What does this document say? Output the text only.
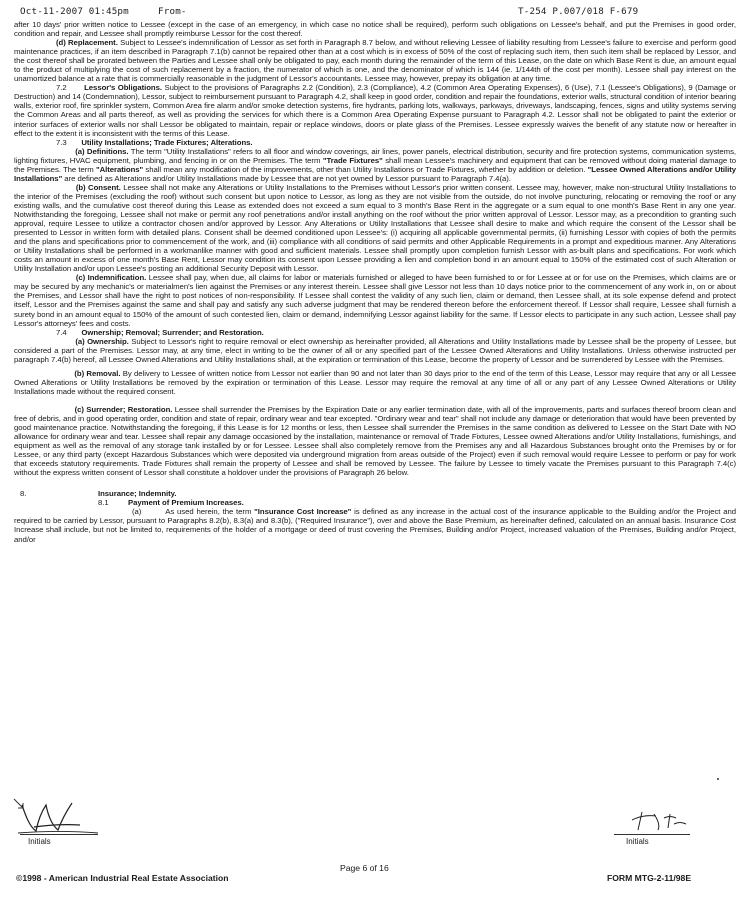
Oct-11-2007 01:45pm	From-	T-254 P.007/018 F-679

after 10 days' prior written notice to Lessee (except in the case of an emergency, in which case no notice shall be required), perform such obligations on Lessee's behalf, and put the Premises in good order, condition and repair, and Lessee shall promptly reimburse Lessor for the cost thereof.

(d) Replacement. Subject to Lessee's indemnification of Lessor as set forth in Paragraph 8.7 below, and without relieving Lessee of liability resulting from Lessee's failure to exercise and perform good maintenance practices, if an item described in Paragraph 7.1(b) cannot be repaired other than at a cost which is in excess of 50% of the cost of replacing such item, then such item shall be replaced by Lessor, and the cost thereof shall be prorated between the Parties and Lessee shall only be obligated to pay, each month during the remainder of the term of this Lease, on the date on which Base Rent is due, an amount equal to the product of multiplying the cost of such replacement by a fraction, the numerator of which is one, and the denominator of which is 144 (ie. 1/144th of the cost per month). Lessee shall pay interest on the unamortized balance at a rate that is commercially reasonable in the judgment of Lessor's accountants. Lessee may, however, prepay its obligation at any time.

7.2 Lessor's Obligations. Subject to the provisions of Paragraphs 2.2 (Condition), 2.3 (Compliance), 4.2 (Common Area Operating Expenses), 6 (Use), 7.1 (Lessee's Obligations), 9 (Damage or Destruction) and 14 (Condemnation), Lessor, subject to reimbursement pursuant to Paragraph 4.2, shall keep in good order, condition and repair the foundations, exterior walls, structural condition of interior bearing walls, exterior roof, fire sprinkler system, Common Area fire alarm and/or smoke detection systems, fire hydrants, parking lots, walkways, parkways, driveways, landscaping, fences, signs and utility systems serving the Common Areas and all parts thereof, as well as providing the services for which there is a Common Area Operating Expense pursuant to Paragraph 4.2. Lessor shall not be obligated to paint the exterior or interior surfaces of exterior walls nor shall Lessor be obligated to maintain, repair or replace windows, doors or plate glass of the Premises. Lessee expressly waives the benefit of any statute now or hereafter in effect to the extent it is inconsistent with the terms of this Lease.

7.3 Utility Installations; Trade Fixtures; Alterations.

(a) Definitions. The term "Utility Installations" refers to all floor and window coverings, air lines, power panels, electrical distribution, security and fire protection systems, communication systems, lighting fixtures, HVAC equipment, plumbing, and fencing in or on the Premises. The term "Trade Fixtures" shall mean Lessee's machinery and equipment that can be removed without doing material damage to the Premises. The term "Alterations" shall mean any modification of the improvements, other than Utility Installations or Trade Fixtures, whether by addition or deletion. "Lessee Owned Alterations and/or Utility Installations" are defined as Alterations and/or Utility Installations made by Lessee that are not yet owned by Lessor pursuant to Paragraph 7.4(a).

(b) Consent. Lessee shall not make any Alterations or Utility Installations to the Premises without Lessor's prior written consent. Lessee may, however, make non-structural Utility Installations to the interior of the Premises (excluding the roof) without such consent but upon notice to Lessor, as long as they are not visible from the outside, do not involve puncturing, relocating or removing the roof or any existing walls, and the cumulative cost thereof during this Lease as extended does not exceed a sum equal to 3 month's Base Rent in the aggregate or a sum equal to one month's Base Rent in any one year. Notwithstanding the foregoing, Lessee shall not make or permit any roof penetrations and/or install anything on the roof without the prior written approval of Lessor. Lessor may, as a precondition to granting such approval, require Lessee to utilize a contractor chosen and/or approved by Lessor. Any Alterations or Utility Installations that Lessee shall desire to make and which require the consent of the Lessor shall be presented to Lessor in written form with detailed plans. Consent shall be deemed conditioned upon Lessee's: (i) acquiring all applicable governmental permits, (ii) furnishing Lessor with copies of both the permits and the plans and specifications prior to commencement of the work, and (iii) compliance with all conditions of said permits and other Applicable Requirements in a prompt and expeditious manner. Any Alterations or Utility Installations shall be performed in a workmanlike manner with good and sufficient materials. Lessee shall promptly upon completion furnish Lessor with as-built plans and specifications. For work which costs an amount in excess of one month's Base Rent, Lessor may condition its consent upon Lessee providing a lien and completion bond in an amount equal to 150% of the estimated cost of such Alteration or Utility Installation and/or upon Lessee's posting an additional Security Deposit with Lessor.

(c) Indemnification. Lessee shall pay, when due, all claims for labor or materials furnished or alleged to have been furnished to or for Lessee at or for use on the Premises, which claims are or may be secured by any mechanic's or materialmen's lien against the Premises or any interest therein. Lessee shall give Lessor not less than 10 days notice prior to the commencement of any work in, on or about the Premises, and Lessor shall have the right to post notices of non-responsibility. If Lessee shall contest the validity of any such lien, claim or demand, then Lessee shall, at its sole expense defend and protect itself, Lessor and the Premises against the same and shall pay and satisfy any such adverse judgment that may be rendered thereon before the enforcement thereof. If Lessor shall require, Lessee shall furnish a surety bond in an amount equal to 150% of the amount of such contested lien, claim or demand, indemnifying Lessor against liability for the same. If Lessor elects to participate in any such action, Lessee shall pay Lessor's attorneys' fees and costs.

7.4 Ownership; Removal; Surrender; and Restoration.

(a) Ownership. Subject to Lessor's right to require removal or elect ownership as hereinafter provided, all Alterations and Utility Installations made by Lessee shall be the property of Lessee, but considered a part of the Premises. Lessor may, at any time, elect in writing to be the owner of all or any specified part of the Lessee Owned Alterations and Utility Installations. Unless otherwise instructed per paragraph 7.4(b) hereof, all Lessee Owned Alterations and Utility Installations shall, at the expiration or termination of this Lease, become the property of Lessor and be surrendered by Lessee with the Premises.

(b) Removal. By delivery to Lessee of written notice from Lessor not earlier than 90 and not later than 30 days prior to the end of the term of this Lease, Lessor may require that any or all Lessee Owned Alterations or Utility Installations be removed by the expiration or termination of this Lease. Lessor may require the removal at any time of all or any part of any Lessee Owned Alterations or Utility Installations made without the required consent.

(c) Surrender; Restoration. Lessee shall surrender the Premises by the Expiration Date or any earlier termination date, with all of the improvements, parts and surfaces thereof broom clean and free of debris, and in good operating order, condition and state of repair, ordinary wear and tear excepted. "Ordinary wear and tear" shall not include any damage or deterioration that would have been prevented by good maintenance practice. Notwithstanding the foregoing, if this Lease is for 12 months or less, then Lessee shall surrender the Premises in the same condition as delivered to Lessee on the Start Date with NO allowance for ordinary wear and tear. Lessee shall repair any damage occasioned by the installation, maintenance or removal of Trade Fixtures, Lessee owned Alterations and/or Utility Installations, furnishings, and equipment as well as the removal of any storage tank installed by or for Lessee. Lessee shall also completely remove from the Premises any and all Hazardous Substances brought onto the Premises by or for Lessee, or any third party (except Hazardous Substances which were deposited via underground migration from areas outside of the Project) even if such removal would require Lessee to perform or pay for work that exceeds statutory requirements. Trade Fixtures shall remain the property of Lessee and shall be removed by Lessee. The failure by Lessee to timely vacate the Premises pursuant to this Paragraph 7.4(c) without the express written consent of Lessor shall constitute a holdover under the provisions of Paragraph 26 below.

8.	Insurance; Indemnity.

8.1	Payment of Premium Increases.

(a)	As used herein, the term "Insurance Cost Increase" is defined as any increase in the actual cost of the insurance applicable to the Building and/or the Project and required to be carried by Lessor, pursuant to Paragraphs 8.2(b), 8.3(a) and 8.3(b), ("Required Insurance"), over and above the Base Premium, as hereinafter defined, calculated on an annual basis. Insurance Cost Increase shall include, but not be limited to, requirements of the holder of a mortgage or deed of trust covering the Premises, Building and/or Project, increased valuation of the Premises, Building and/or Project, and/or

Initials	Initials
Page 6 of 16
©1998 - American Industrial Real Estate Association	FORM MTG-2-11/98E
